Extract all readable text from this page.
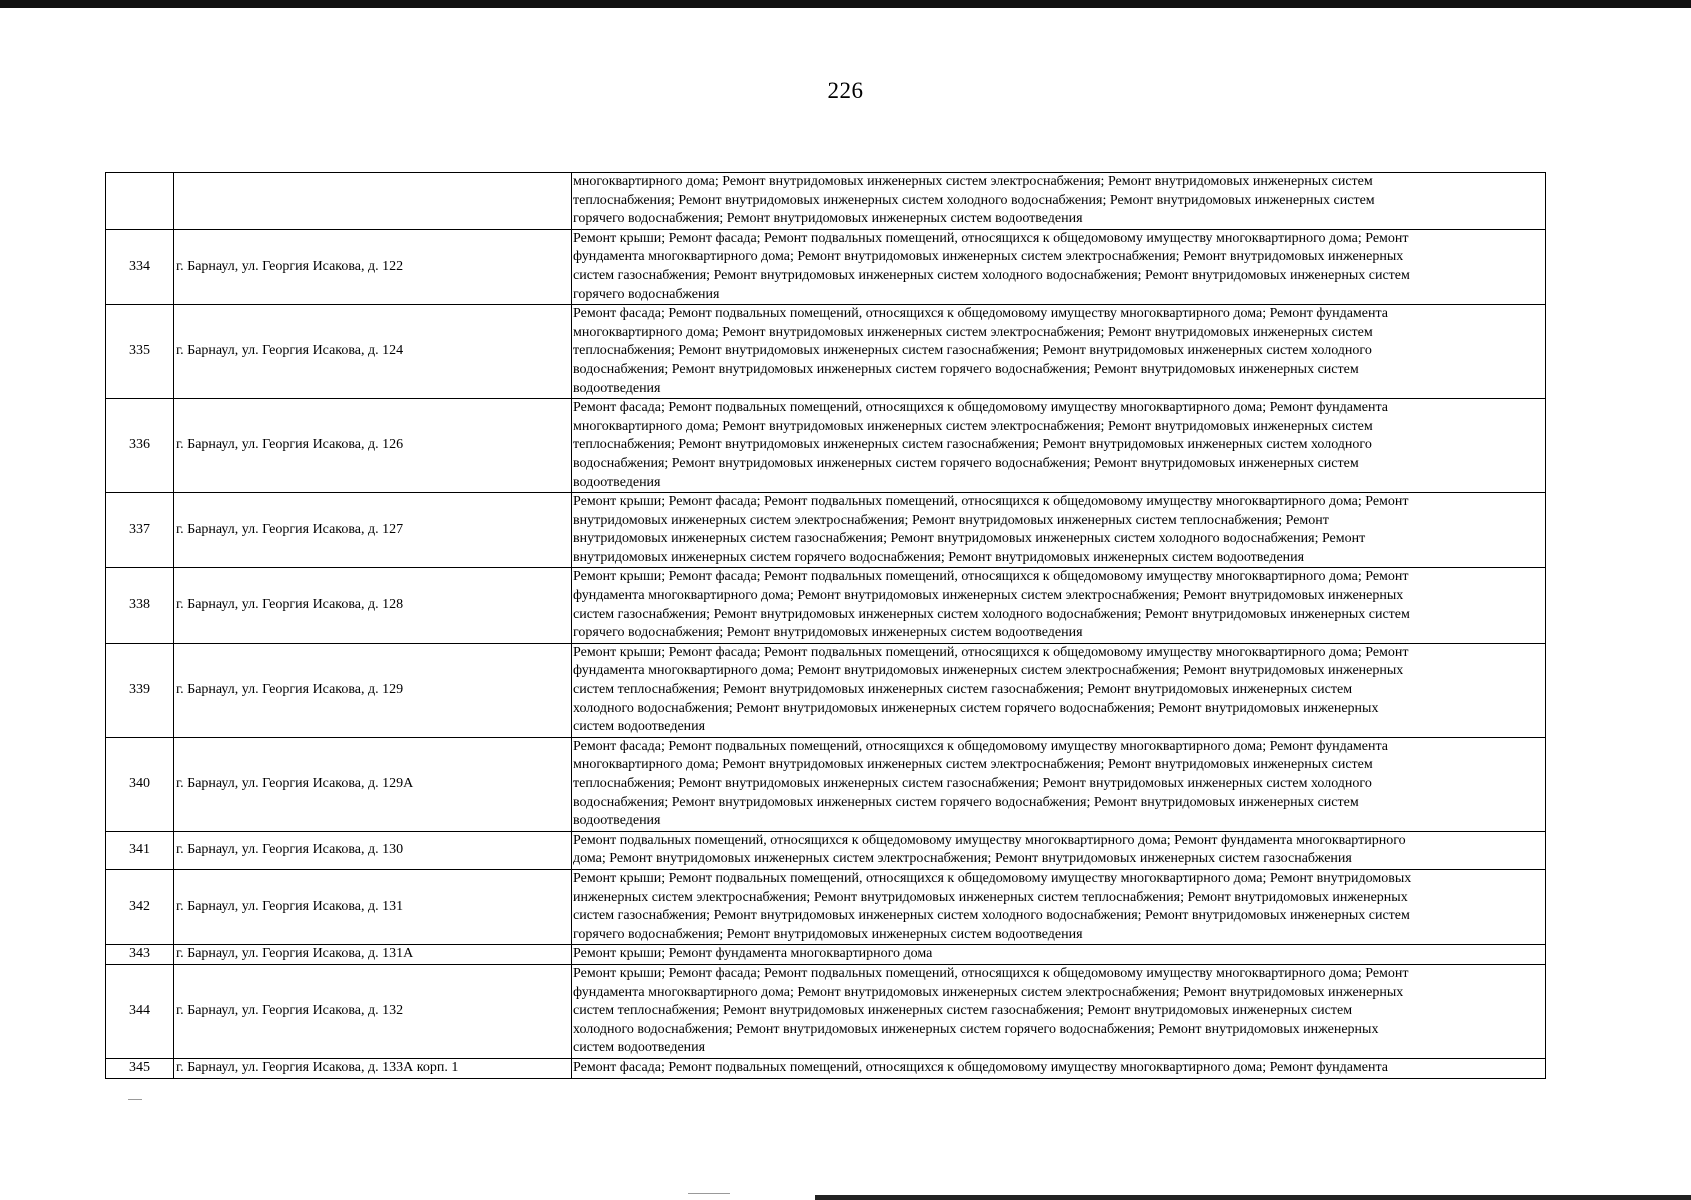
226

		многоквартирного дома; Ремонт внутридомовых инженерных систем электроснабжения; Ремонт внутридомовых инженерных систем
теплоснабжения; Ремонт внутридомовых инженерных систем холодного водоснабжения; Ремонт внутридомовых инженерных систем
горячего водоснабжения; Ремонт внутридомовых инженерных систем водоотведения

334	г. Барнаул, ул. Георгия Исакова, д. 122	Ремонт крыши; Ремонт фасада; Ремонт подвальных помещений, относящихся к общедомовому имуществу многоквартирного дома; Ремонт
фундамента многоквартирного дома; Ремонт внутридомовых инженерных систем электроснабжения; Ремонт внутридомовых инженерных
систем газоснабжения; Ремонт внутридомовых инженерных систем холодного водоснабжения; Ремонт внутридомовых инженерных систем
горячего водоснабжения

335	г. Барнаул, ул. Георгия Исакова, д. 124	Ремонт фасада; Ремонт подвальных помещений, относящихся к общедомовому имуществу многоквартирного дома; Ремонт фундамента
многоквартирного дома; Ремонт внутридомовых инженерных систем электроснабжения; Ремонт внутридомовых инженерных систем
теплоснабжения; Ремонт внутридомовых инженерных систем газоснабжения; Ремонт внутридомовых инженерных систем холодного
водоснабжения; Ремонт внутридомовых инженерных систем горячего водоснабжения; Ремонт внутридомовых инженерных систем
водоотведения

336	г. Барнаул, ул. Георгия Исакова, д. 126	Ремонт фасада; Ремонт подвальных помещений, относящихся к общедомовому имуществу многоквартирного дома; Ремонт фундамента
многоквартирного дома; Ремонт внутридомовых инженерных систем электроснабжения; Ремонт внутридомовых инженерных систем
теплоснабжения; Ремонт внутридомовых инженерных систем газоснабжения; Ремонт внутридомовых инженерных систем холодного
водоснабжения; Ремонт внутридомовых инженерных систем горячего водоснабжения; Ремонт внутридомовых инженерных систем
водоотведения

337	г. Барнаул, ул. Георгия Исакова, д. 127	Ремонт крыши; Ремонт фасада; Ремонт подвальных помещений, относящихся к общедомовому имуществу многоквартирного дома; Ремонт
внутридомовых инженерных систем электроснабжения; Ремонт внутридомовых инженерных систем теплоснабжения; Ремонт
внутридомовых инженерных систем газоснабжения; Ремонт внутридомовых инженерных систем холодного водоснабжения; Ремонт
внутридомовых инженерных систем горячего водоснабжения; Ремонт внутридомовых инженерных систем водоотведения

338	г. Барнаул, ул. Георгия Исакова, д. 128	Ремонт крыши; Ремонт фасада; Ремонт подвальных помещений, относящихся к общедомовому имуществу многоквартирного дома; Ремонт
фундамента многоквартирного дома; Ремонт внутридомовых инженерных систем электроснабжения; Ремонт внутридомовых инженерных
систем газоснабжения; Ремонт внутридомовых инженерных систем холодного водоснабжения; Ремонт внутридомовых инженерных систем
горячего водоснабжения; Ремонт внутридомовых инженерных систем водоотведения

339	г. Барнаул, ул. Георгия Исакова, д. 129	Ремонт крыши; Ремонт фасада; Ремонт подвальных помещений, относящихся к общедомовому имуществу многоквартирного дома; Ремонт
фундамента многоквартирного дома; Ремонт внутридомовых инженерных систем электроснабжения; Ремонт внутридомовых инженерных
систем теплоснабжения; Ремонт внутридомовых инженерных систем газоснабжения; Ремонт внутридомовых инженерных систем
холодного водоснабжения; Ремонт внутридомовых инженерных систем горячего водоснабжения; Ремонт внутридомовых инженерных
систем водоотведения

340	г. Барнаул, ул. Георгия Исакова, д. 129А	Ремонт фасада; Ремонт подвальных помещений, относящихся к общедомовому имуществу многоквартирного дома; Ремонт фундамента
многоквартирного дома; Ремонт внутридомовых инженерных систем электроснабжения; Ремонт внутридомовых инженерных систем
теплоснабжения; Ремонт внутридомовых инженерных систем газоснабжения; Ремонт внутридомовых инженерных систем холодного
водоснабжения; Ремонт внутридомовых инженерных систем горячего водоснабжения; Ремонт внутридомовых инженерных систем
водоотведения

341	г. Барнаул, ул. Георгия Исакова, д. 130	Ремонт подвальных помещений, относящихся к общедомовому имуществу многоквартирного дома; Ремонт фундамента многоквартирного
дома; Ремонт внутридомовых инженерных систем электроснабжения; Ремонт внутридомовых инженерных систем газоснабжения

342	г. Барнаул, ул. Георгия Исакова, д. 131	Ремонт крыши; Ремонт подвальных помещений, относящихся к общедомовому имуществу многоквартирного дома; Ремонт внутридомовых
инженерных систем электроснабжения; Ремонт внутридомовых инженерных систем теплоснабжения; Ремонт внутридомовых инженерных
систем газоснабжения; Ремонт внутридомовых инженерных систем холодного водоснабжения; Ремонт внутридомовых инженерных систем
горячего водоснабжения; Ремонт внутридомовых инженерных систем водоотведения

343	г. Барнаул, ул. Георгия Исакова, д. 131А	Ремонт крыши; Ремонт фундамента многоквартирного дома

344	г. Барнаул, ул. Георгия Исакова, д. 132	Ремонт крыши; Ремонт фасада; Ремонт подвальных помещений, относящихся к общедомовому имуществу многоквартирного дома; Ремонт
фундамента многоквартирного дома; Ремонт внутридомовых инженерных систем электроснабжения; Ремонт внутридомовых инженерных
систем теплоснабжения; Ремонт внутридомовых инженерных систем газоснабжения; Ремонт внутридомовых инженерных систем
холодного водоснабжения; Ремонт внутридомовых инженерных систем горячего водоснабжения; Ремонт внутридомовых инженерных
систем водоотведения

345	г. Барнаул, ул. Георгия Исакова, д. 133А корп. 1	Ремонт фасада; Ремонт подвальных помещений, относящихся к общедомовому имуществу многоквартирного дома; Ремонт фундамента
